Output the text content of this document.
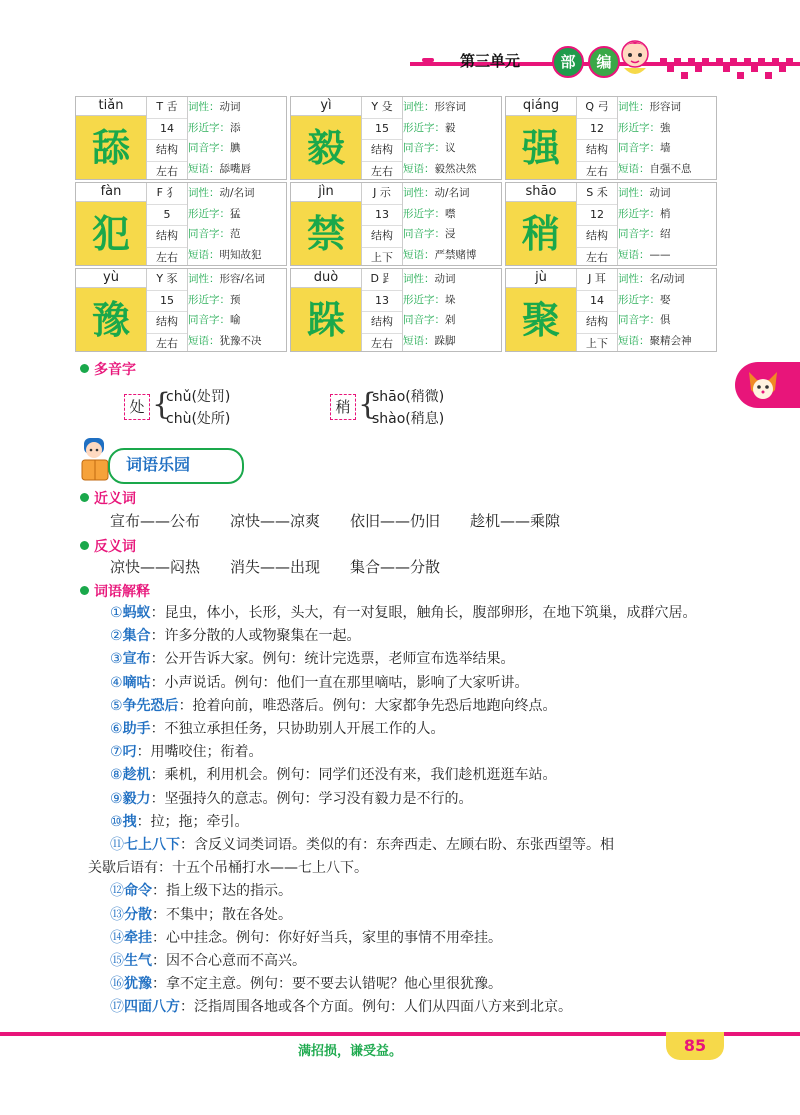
第三单元	部	编
tiǎn
舔
T 舌
14
结构
左右
词性：动词
形近字：添
同音字：腆
短语：舔嘴唇
yì
毅
Y 殳
15
结构
左右
词性：形容词
形近字：毅
同音字：议
短语：毅然决然
qiáng
强
Q 弓
12
结构
左右
词性：形容词
形近字：強
同音字：墙
短语：自强不息
fàn
犯
F 犭
5
结构
左右
词性：动/名词
形近字：猛
同音字：范
短语：明知故犯
jìn
禁
J 示
13
结构
上下
词性：动/名词
形近字：噤
同音字：浸
短语：严禁赌博
shāo
稍
S 禾
12
结构
左右
词性：动词
形近字：梢
同音字：绍
短语：——
yù
豫
Y 豕
15
结构
左右
词性：形容/名词
形近字：预
同音字：喻
短语：犹豫不决
duò
跺
D 𧾷
13
结构
左右
词性：动词
形近字：垛
同音字：剁
短语：跺脚
jù
聚
J 耳
14
结构
上下
词性：名/动词
形近字：娶
同音字：俱
短语：聚精会神
多音字
处 {
chǔ(处罚)
chù(处所)
稍 {
shāo(稍微)
shào(稍息)
词语乐园
近义词
宣布——公布　　凉快——凉爽　　依旧——仍旧　　趁机——乘隙
反义词
凉快——闷热　　消失——出现　　集合——分散
词语解释
①蚂蚁：昆虫，体小，长形，头大，有一对复眼，触角长，腹部卵形，在地下筑巢，成群穴居。
②集合：许多分散的人或物聚集在一起。
③宣布：公开告诉大家。例句：统计完选票，老师宣布选举结果。
④嘀咕：小声说话。例句：他们一直在那里嘀咕，影响了大家听讲。
⑤争先恐后：抢着向前，唯恐落后。例句：大家都争先恐后地跑向终点。
⑥助手：不独立承担任务，只协助别人开展工作的人。
⑦叼：用嘴咬住；衔着。
⑧趁机：乘机，利用机会。例句：同学们还没有来，我们趁机逛逛车站。
⑨毅力：坚强持久的意志。例句：学习没有毅力是不行的。
⑩拽：拉；拖；牵引。
⑪七上八下：含反义词类词语。类似的有：东奔西走、左顾右盼、东张西望等。相
关歇后语有：十五个吊桶打水——七上八下。
⑫命令：指上级下达的指示。
⑬分散：不集中；散在各处。
⑭牵挂：心中挂念。例句：你好好当兵，家里的事情不用牵挂。
⑮生气：因不合心意而不高兴。
⑯犹豫：拿不定主意。例句：要不要去认错呢？他心里很犹豫。
⑰四面八方：泛指周围各地或各个方面。例句：人们从四面八方来到北京。
满招损，谦受益。	85
